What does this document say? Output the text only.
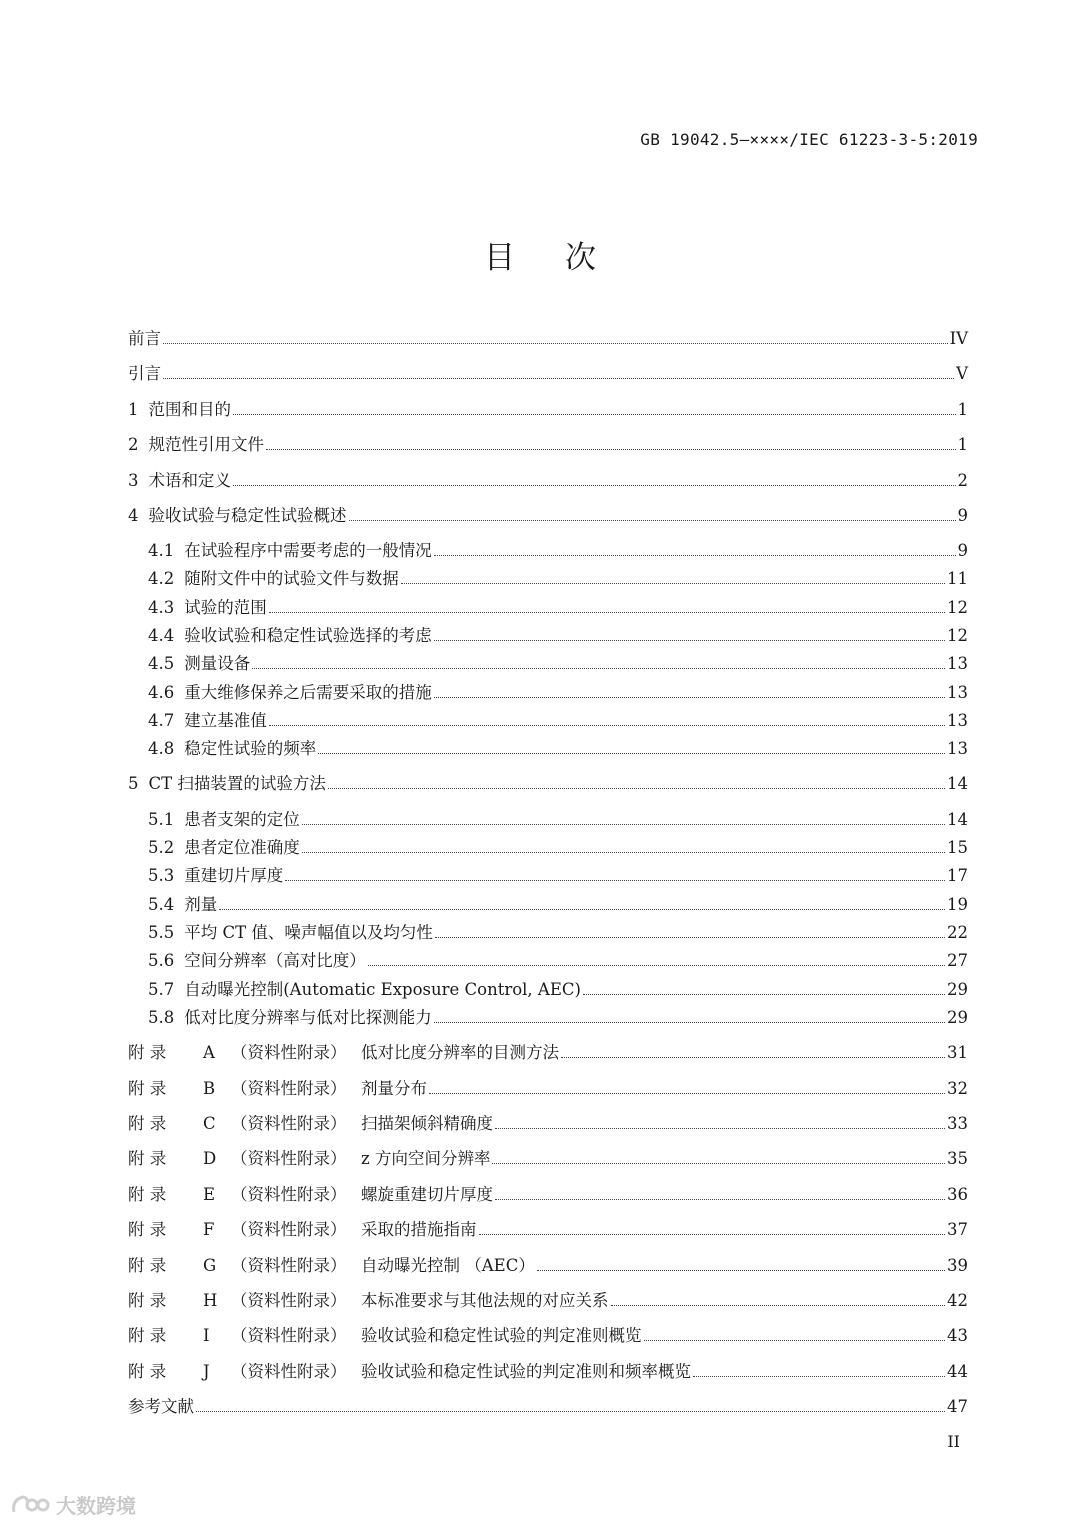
GB 19042.5—××××/IEC 61223-3-5:2019
目次
前言	IV
引言	V
1 范围和目的	1
2 规范性引用文件	1
3 术语和定义	2
4 验收试验与稳定性试验概述	9
4.1 在试验程序中需要考虑的一般情况	9
4.2 随附文件中的试验文件与数据	11
4.3 试验的范围	12
4.4 验收试验和稳定性试验选择的考虑	12
4.5 测量设备	13
4.6 重大维修保养之后需要采取的措施	13
4.7 建立基准值	13
4.8 稳定性试验的频率	13
5 CT 扫描装置的试验方法	14
5.1 患者支架的定位	14
5.2 患者定位准确度	15
5.3 重建切片厚度	17
5.4 剂量	19
5.5 平均 CT 值、噪声幅值以及均匀性	22
5.6 空间分辨率（高对比度）	27
5.7 自动曝光控制(Automatic Exposure Control, AEC)	29
5.8 低对比度分辨率与低对比探测能力	29
附 录 A （资料性附录） 低对比度分辨率的目测方法	31
附 录 B （资料性附录） 剂量分布	32
附 录 C （资料性附录） 扫描架倾斜精确度	33
附 录 D （资料性附录） z 方向空间分辨率	35
附 录 E （资料性附录） 螺旋重建切片厚度	36
附 录 F （资料性附录） 采取的措施指南	37
附 录 G （资料性附录） 自动曝光控制 （AEC）	39
附 录 H （资料性附录） 本标准要求与其他法规的对应关系	42
附 录 I （资料性附录） 验收试验和稳定性试验的判定准则概览	43
附 录 J （资料性附录） 验收试验和稳定性试验的判定准则和频率概览	44
参考文献	47
II
大数跨境
